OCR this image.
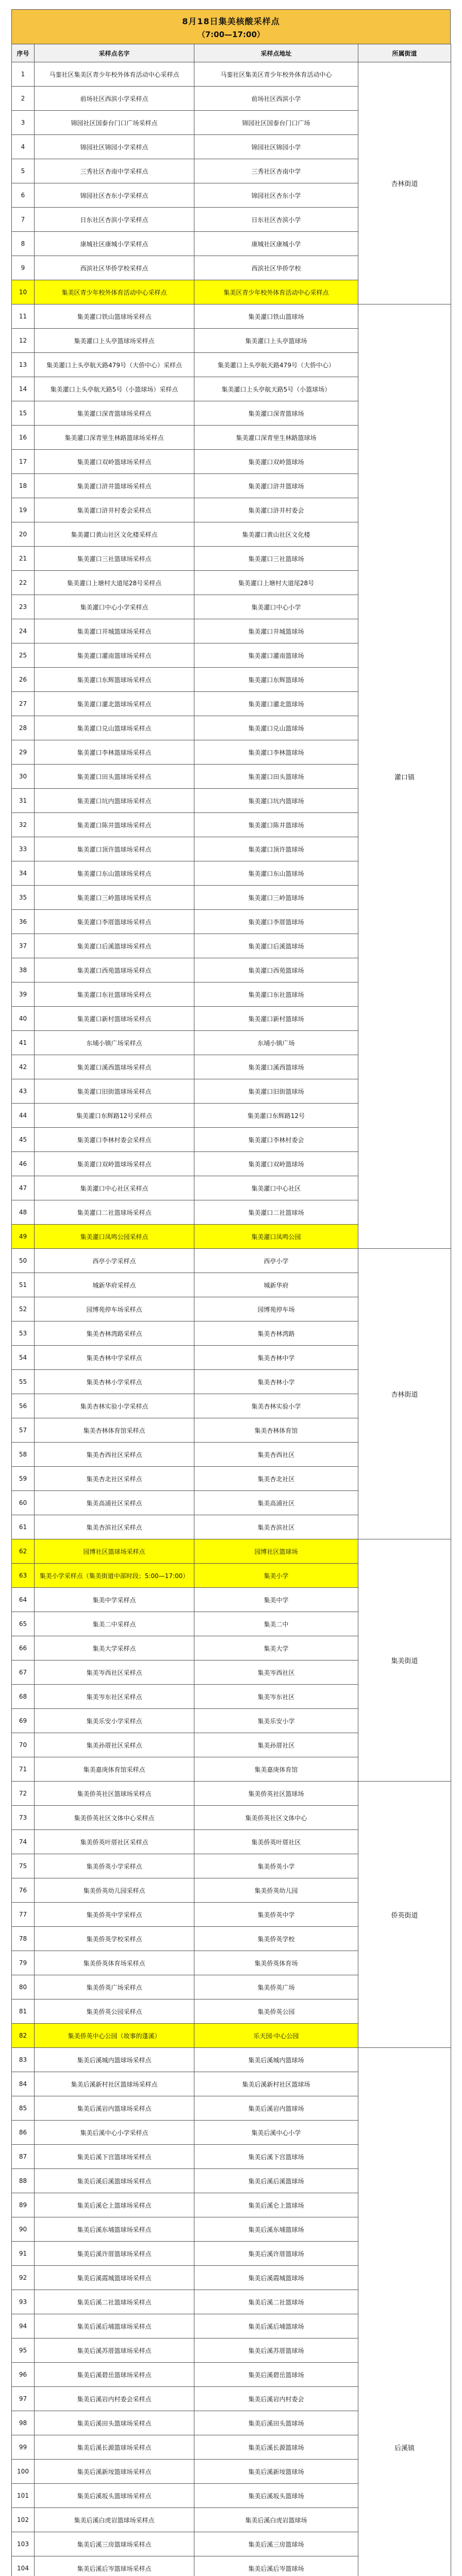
8月18日集美核酸采样点
（7:00—17:00）
序号	采样点名字	采样点地址	所属街道
1	马銮社区集美区青少年校外体育活动中心采样点	马銮社区集美区青少年校外体育活动中心	杏林街道
2	前场社区西滨小学采样点	前场社区西滨小学	
3	锦园社区国泰台门口广场采样点	锦园社区国泰台门口广场	
4	锦园社区锦园小学采样点	锦园社区锦园小学	
5	三秀社区杏南中学采样点	三秀社区杏南中学	
6	锦园社区杏东小学采样点	锦园社区杏东小学	
7	日东社区杏滨小学采样点	日东社区杏滨小学	
8	康城社区康城小学采样点	康城社区康城小学	
9	西滨社区华侨学校采样点	西滨社区华侨学校	
10	集美区青少年校外体育活动中心采样点	集美区青少年校外体育活动中心采样点	
11	集美灌口铁山篮球场采样点	集美灌口铁山篮球场	灌口镇
12	集美灌口上头亭篮球场采样点	集美灌口上头亭篮球场	
13	集美灌口上头亭航天路479号（大侨中心）采样点	集美灌口上头亭航天路479号（大侨中心）	
14	集美灌口上头亭航天路5号（小篮球场）采样点	集美灌口上头亭航天路5号（小篮球场）	
15	集美灌口深青篮球场采样点	集美灌口深青篮球场	
16	集美灌口深青里生林路篮球场采样点	集美灌口深青里生林路篮球场	
17	集美灌口双岭篮球场采样点	集美灌口双岭篮球场	
18	集美灌口浒井篮球场采样点	集美灌口浒井篮球场	
19	集美灌口浒井村委会采样点	集美灌口浒井村委会	
20	集美灌口黄山社区文化楼采样点	集美灌口黄山社区文化楼	
21	集美灌口三社篮球场采样点	集美灌口三社篮球场	
22	集美灌口上塘村大道尾28号采样点	集美灌口上塘村大道尾28号	
23	集美灌口中心小学采样点	集美灌口中心小学	
24	集美灌口井城篮球场采样点	集美灌口井城篮球场	
25	集美灌口灌南篮球场采样点	集美灌口灌南篮球场	
26	集美灌口东辉篮球场采样点	集美灌口东辉篮球场	
27	集美灌口灌北篮球场采样点	集美灌口灌北篮球场	
28	集美灌口兑山篮球场采样点	集美灌口兑山篮球场	
29	集美灌口李林篮球场采样点	集美灌口李林篮球场	
30	集美灌口田头篮球场采样点	集美灌口田头篮球场	
31	集美灌口坑内篮球场采样点	集美灌口坑内篮球场	
32	集美灌口陈井篮球场采样点	集美灌口陈井篮球场	
33	集美灌口顶许篮球场采样点	集美灌口顶许篮球场	
34	集美灌口东山篮球场采样点	集美灌口东山篮球场	
35	集美灌口三岭篮球场采样点	集美灌口三岭篮球场	
36	集美灌口李厝篮球场采样点	集美灌口李厝篮球场	
37	集美灌口后溪篮球场采样点	集美灌口后溪篮球场	
38	集美灌口西苑篮球场采样点	集美灌口西苑篮球场	
39	集美灌口东社篮球场采样点	集美灌口东社篮球场	
40	集美灌口新村篮球场采样点	集美灌口新村篮球场	
41	东埔小镇广场采样点	东埔小镇广场	
42	集美灌口溪西篮球场采样点	集美灌口溪西篮球场	
43	集美灌口旧街篮球场采样点	集美灌口旧街篮球场	
44	集美灌口东辉路12号采样点	集美灌口东辉路12号	
45	集美灌口李林村委会采样点	集美灌口李林村委会	
46	集美灌口双岭篮球场采样点	集美灌口双岭篮球场	
47	集美灌口中心社区采样点	集美灌口中心社区	
48	集美灌口二社篮球场采样点	集美灌口二社篮球场	
49	集美灌口凤鸣公园采样点	集美灌口凤鸣公园	
50	西亭小学采样点	西亭小学	杏林街道
51	城新华府采样点	城新华府	
52	园博苑停车场采样点	园博苑停车场	
53	集美杏林湾路采样点	集美杏林湾路	
54	集美杏林中学采样点	集美杏林中学	
55	集美杏林小学采样点	集美杏林小学	
56	集美杏林实验小学采样点	集美杏林实验小学	
57	集美杏林体育馆采样点	集美杏林体育馆	
58	集美杏西社区采样点	集美杏西社区	
59	集美杏北社区采样点	集美杏北社区	
60	集美高浦社区采样点	集美高浦社区	
61	集美杏滨社区采样点	集美杏滨社区	
62	园博社区篮球场采样点	园博社区篮球场	集美街道
63	集美小学采样点（集美街道中部时段；5:00—17:00）	集美小学	
64	集美中学采样点	集美中学	
65	集美二中采样点	集美二中	
66	集美大学采样点	集美大学	
67	集美岑西社区采样点	集美岑西社区	
68	集美岑东社区采样点	集美岑东社区	
69	集美乐安小学采样点	集美乐安小学	
70	集美孙厝社区采样点	集美孙厝社区	
71	集美嘉庚体育馆采样点	集美嘉庚体育馆	
72	集美侨英社区篮球场采样点	集美侨英社区篮球场	侨英街道
73	集美侨英社区文体中心采样点	集美侨英社区文体中心	
74	集美侨英叶厝社区采样点	集美侨英叶厝社区	
75	集美侨英小学采样点	集美侨英小学	
76	集美侨英幼儿园采样点	集美侨英幼儿园	
77	集美侨英中学采样点	集美侨英中学	
78	集美侨英学校采样点	集美侨英学校	
79	集美侨英体育场采样点	集美侨英体育场	
80	集美侨英广场采样点	集美侨英广场	
81	集美侨英公园采样点	集美侨英公园	
82	集美侨英中心公园（故事的蓬溪）	乐天园·中心公园	
83	集美后溪城内篮球场采样点	集美后溪城内篮球场	后溪镇
84	集美后溪新村社区篮球场采样点	集美后溪新村社区篮球场	
85	集美后溪岩内篮球场采样点	集美后溪岩内篮球场	
86	集美后溪中心小学采样点	集美后溪中心小学	
87	集美后溪下宫篮球场采样点	集美后溪下宫篮球场	
88	集美后溪后溪篮球场采样点	集美后溪后溪篮球场	
89	集美后溪仑上篮球场采样点	集美后溪仑上篮球场	
90	集美后溪东埔篮球场采样点	集美后溪东埔篮球场	
91	集美后溪许厝篮球场采样点	集美后溪许厝篮球场	
92	集美后溪霞城篮球场采样点	集美后溪霞城篮球场	
93	集美后溪二社篮球场采样点	集美后溪二社篮球场	
94	集美后溪后埔篮球场采样点	集美后溪后埔篮球场	
95	集美后溪苏厝篮球场采样点	集美后溪苏厝篮球场	
96	集美后溪碧岳篮球场采样点	集美后溪碧岳篮球场	
97	集美后溪岩内村委会采样点	集美后溪岩内村委会	
98	集美后溪田头篮球场采样点	集美后溪田头篮球场	
99	集美后溪长源篮球场采样点	集美后溪长源篮球场	
100	集美后溪新垵篮球场采样点	集美后溪新垵篮球场	
101	集美后溪坂头篮球场采样点	集美后溪坂头篮球场	
102	集美后溪白虎岩篮球场采样点	集美后溪白虎岩篮球场	
103	集美后溪三房篮球场采样点	集美后溪三房篮球场	
104	集美后溪后岑篮球场采样点	集美后溪后岑篮球场	
